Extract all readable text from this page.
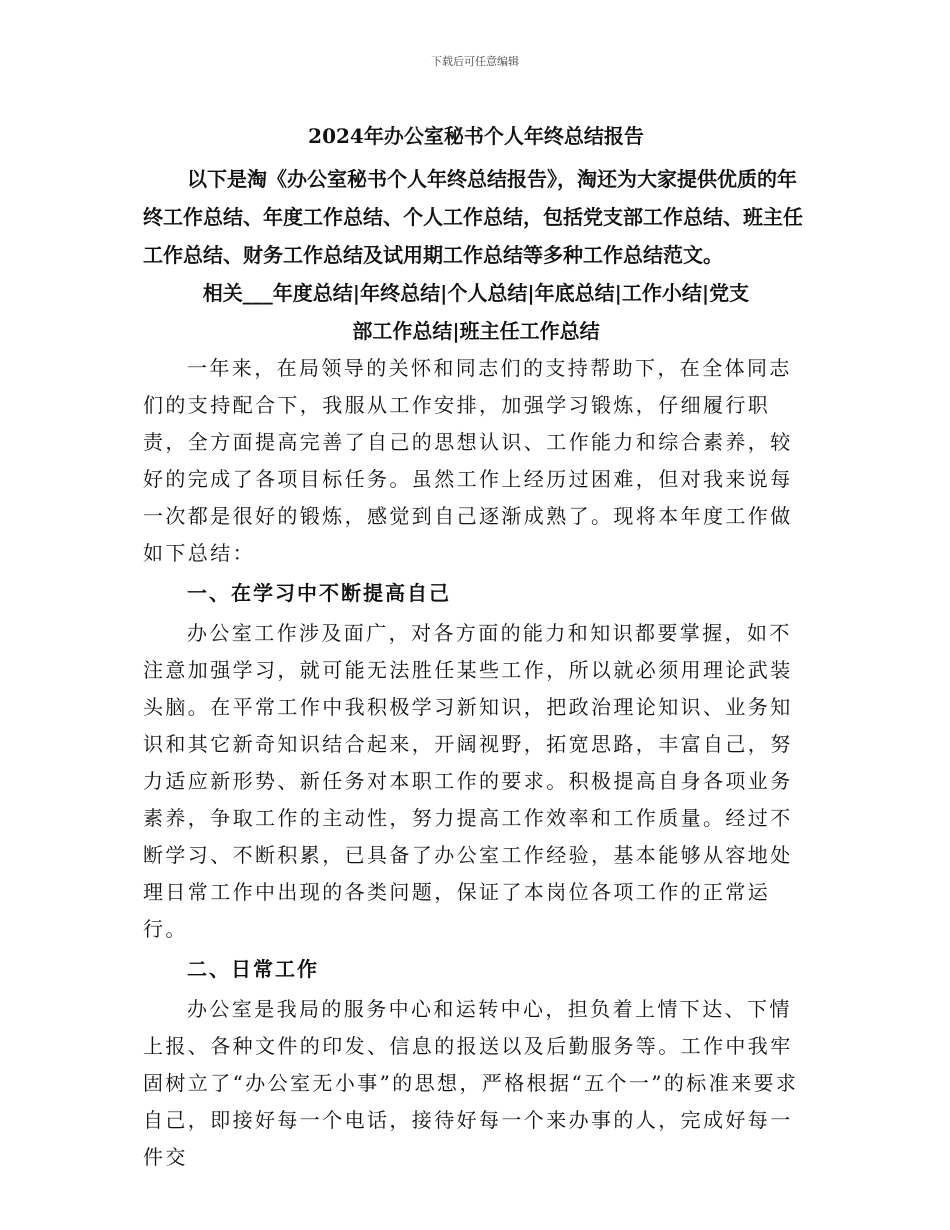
下载后可任意编辑
2024年办公室秘书个人年终总结报告

以下是淘《办公室秘书个人年终总结报告》，淘还为大家提供优质的年终工作总结、年度工作总结、个人工作总结，包括党支部工作总结、班主任工作总结、财务工作总结及试用期工作总结等多种工作总结范文。

相关___年度总结|年终总结|个人总结|年底总结|工作小结|党支

部工作总结|班主任工作总结

一年来，在局领导的关怀和同志们的支持帮助下，在全体同志们的支持配合下，我服从工作安排，加强学习锻炼，仔细履行职责，全方面提高完善了自己的思想认识、工作能力和综合素养，较好的完成了各项目标任务。虽然工作上经历过困难，但对我来说每一次都是很好的锻炼，感觉到自己逐渐成熟了。现将本年度工作做如下总结：

一、在学习中不断提高自己

办公室工作涉及面广，对各方面的能力和知识都要掌握，如不注意加强学习，就可能无法胜任某些工作，所以就必须用理论武装头脑。在平常工作中我积极学习新知识，把政治理论知识、业务知识和其它新奇知识结合起来，开阔视野，拓宽思路，丰富自己，努力适应新形势、新任务对本职工作的要求。积极提高自身各项业务素养，争取工作的主动性，努力提高工作效率和工作质量。经过不断学习、不断积累，已具备了办公室工作经验，基本能够从容地处理日常工作中出现的各类问题，保证了本岗位各项工作的正常运行。

二、日常工作

办公室是我局的服务中心和运转中心，担负着上情下达、下情上报、各种文件的印发、信息的报送以及后勤服务等。工作中我牢固树立了“办公室无小事”的思想，严格根据“五个一”的标准来要求自己，即接好每一个电话，接待好每一个来办事的人，完成好每一件交
